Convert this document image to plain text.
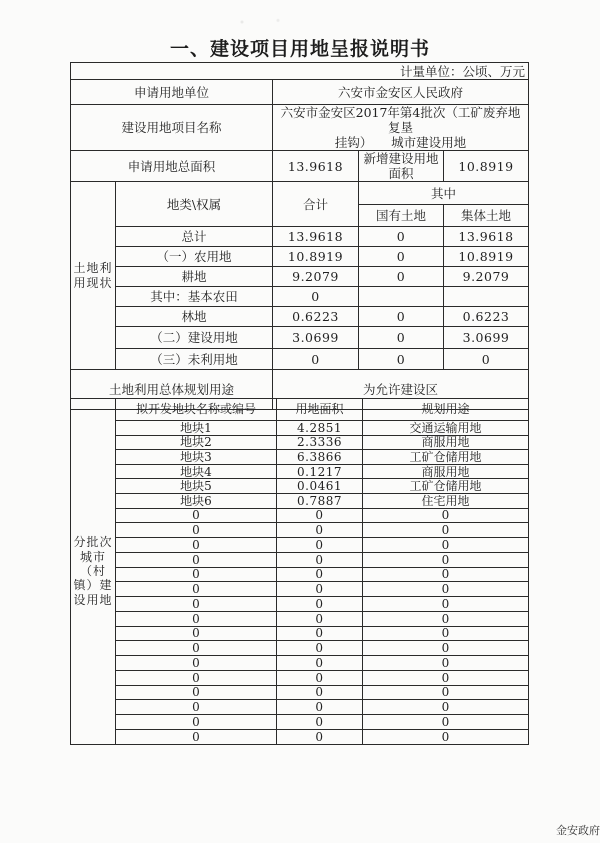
一、建设项目用地呈报说明书
计量单位：公顷、万元				
申请用地单位		六安市金安区人民政府		
建设用地项目名称		六安市金安区2017年第4批次（工矿废弃地复垦
挂钩）　　城市建设用地		

申请用地总面积		13.9618	新增建设用地面积	10.8919
土地利用现状	地类\权属	合计	其中	
			国有土地	集体土地
	总计	13.9618	0	13.9618
	（一）农用地	10.8919	0	10.8919
	耕地	9.2079	0	9.2079
	其中：基本农田	0		
	林地	0.6223	0	0.6223
	（二）建设用地	3.0699	0	3.0699
	（三）未利用地	0	0	0
土地利用总体规划用途		为允许建设区		
分批次城市（村镇）建设用地	拟开发地块名称或编号	用地面积	规划用途
	地块1	4.2851	交通运输用地
	地块2	2.3336	商服用地
	地块3	6.3866	工矿仓储用地
	地块4	0.1217	商服用地
	地块5	0.0461	工矿仓储用地
	地块6	0.7887	住宅用地
	0	0	0
	0	0	0
	0	0	0
	0	0	0
	0	0	0
	0	0	0
	0	0	0
	0	0	0
	0	0	0
	0	0	0
	0	0	0
	0	0	0
	0	0	0
	0	0	0
	0	0	0
	0	0	0
金安政府
